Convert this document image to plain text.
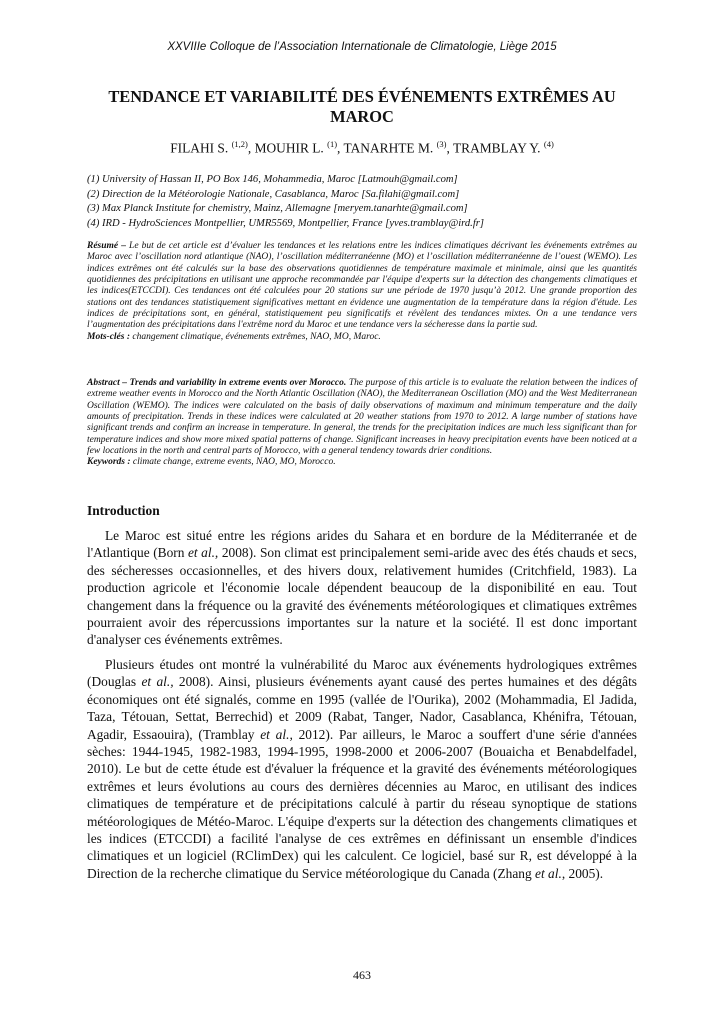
XXVIIIe Colloque de l’Association Internationale de Climatologie, Liège 2015
TENDANCE ET VARIABILITÉ DES ÉVÉNEMENTS EXTRÊMES AU MAROC
FILAHI S. $^{(1,2)}$, MOUHIR L. $^{(1)}$, TANARHTE M. $^{(3)}$, TRAMBLAY Y. $^{(4)}$
(1) University of Hassan II, PO Box 146, Mohammedia, Maroc [Latmouh@gmail.com]
(2) Direction de la Météorologie Nationale, Casablanca, Maroc [Sa.filahi@gmail.com]
(3) Max Planck Institute for chemistry, Mainz, Allemagne [meryem.tanarhte@gmail.com]
(4) IRD - HydroSciences Montpellier, UMR5569, Montpellier, France [yves.tramblay@ird.fr]
Résumé – Le but de cet article est d’évaluer les tendances et les relations entre les indices climatiques décrivant les événements extrêmes au Maroc avec l’oscillation nord atlantique (NAO), l’oscillation méditerranéenne (MO) et l’oscillation méditerranéenne de l’ouest (WEMO). Les indices extrêmes ont été calculés sur la base des observations quotidiennes de température maximale et minimale, ainsi que les quantités quotidiennes des précipitations en utilisant une approche recommandée par l'équipe d'experts sur la détection des changements climatiques et les indices(ETCCDI). Ces tendances ont été calculées pour 20 stations sur une période de 1970 jusqu’à 2012. Une grande proportion des stations ont des tendances statistiquement significatives mettant en évidence une augmentation de la température dans la région d'étude. Les indices de précipitations sont, en général, statistiquement peu significatifs et révèlent des tendances mixtes. On a une tendance vers l’augmentation des précipitations dans l'extrême nord du Maroc et une tendance vers la sécheresse dans la partie sud.
Mots-clés : changement climatique, événements extrêmes, NAO, MO, Maroc.
Abstract – Trends and variability in extreme events over Morocco. The purpose of this article is to evaluate the relation between the indices of extreme weather events in Morocco and the North Atlantic Oscillation (NAO), the Mediterranean Oscillation (MO) and the West Mediterranean Oscillation (WEMO). The indices were calculated on the basis of daily observations of maximum and minimum temperature and the daily amounts of precipitation. Trends in these indices were calculated at 20 weather stations from 1970 to 2012. A large number of stations have significant trends and confirm an increase in temperature. In general, the trends for the precipitation indices are much less significant than for temperature indices and show more mixed spatial patterns of change. Significant increases in heavy precipitation events have been noticed at a few locations in the north and central parts of Morocco, with a general tendency towards drier conditions.
Keywords : climate change, extreme events, NAO, MO, Morocco.
Introduction
Le Maroc est situé entre les régions arides du Sahara et en bordure de la Méditerranée et de l'Atlantique (Born et al., 2008). Son climat est principalement semi-aride avec des étés chauds et secs, des sécheresses occasionnelles, et des hivers doux, relativement humides (Critchfield, 1983). La production agricole et l'économie locale dépendent beaucoup de la disponibilité en eau. Tout changement dans la fréquence ou la gravité des événements météorologiques et climatiques extrêmes pourraient avoir des répercussions importantes sur la nature et la société. Il est donc important d'analyser ces événements extrêmes.
Plusieurs études ont montré la vulnérabilité du Maroc aux événements hydrologiques extrêmes (Douglas et al., 2008). Ainsi, plusieurs événements ayant causé des pertes humaines et des dégâts économiques ont été signalés, comme en 1995 (vallée de l'Ourika), 2002 (Mohammadia, El Jadida, Taza, Tétouan, Settat, Berrechid) et 2009 (Rabat, Tanger, Nador, Casablanca, Khénifra, Tétouan, Agadir, Essaouira), (Tramblay et al., 2012). Par ailleurs, le Maroc a souffert d'une série d'années sèches: 1944-1945, 1982-1983, 1994-1995, 1998-2000 et 2006-2007 (Bouaicha et Benabdelfadel, 2010). Le but de cette étude est d'évaluer la fréquence et la gravité des événements météorologiques extrêmes et leurs évolutions au cours des dernières décennies au Maroc, en utilisant des indices climatiques de température et de précipitations calculé à partir du réseau synoptique de stations météorologiques de Météo-Maroc. L'équipe d'experts sur la détection des changements climatiques et les indices (ETCCDI) a facilité l'analyse de ces extrêmes en définissant un ensemble d'indices climatiques et un logiciel (RClimDex) qui les calculent. Ce logiciel, basé sur R, est développé à la Direction de la recherche climatique du Service météorologique du Canada (Zhang et al., 2005).
463
